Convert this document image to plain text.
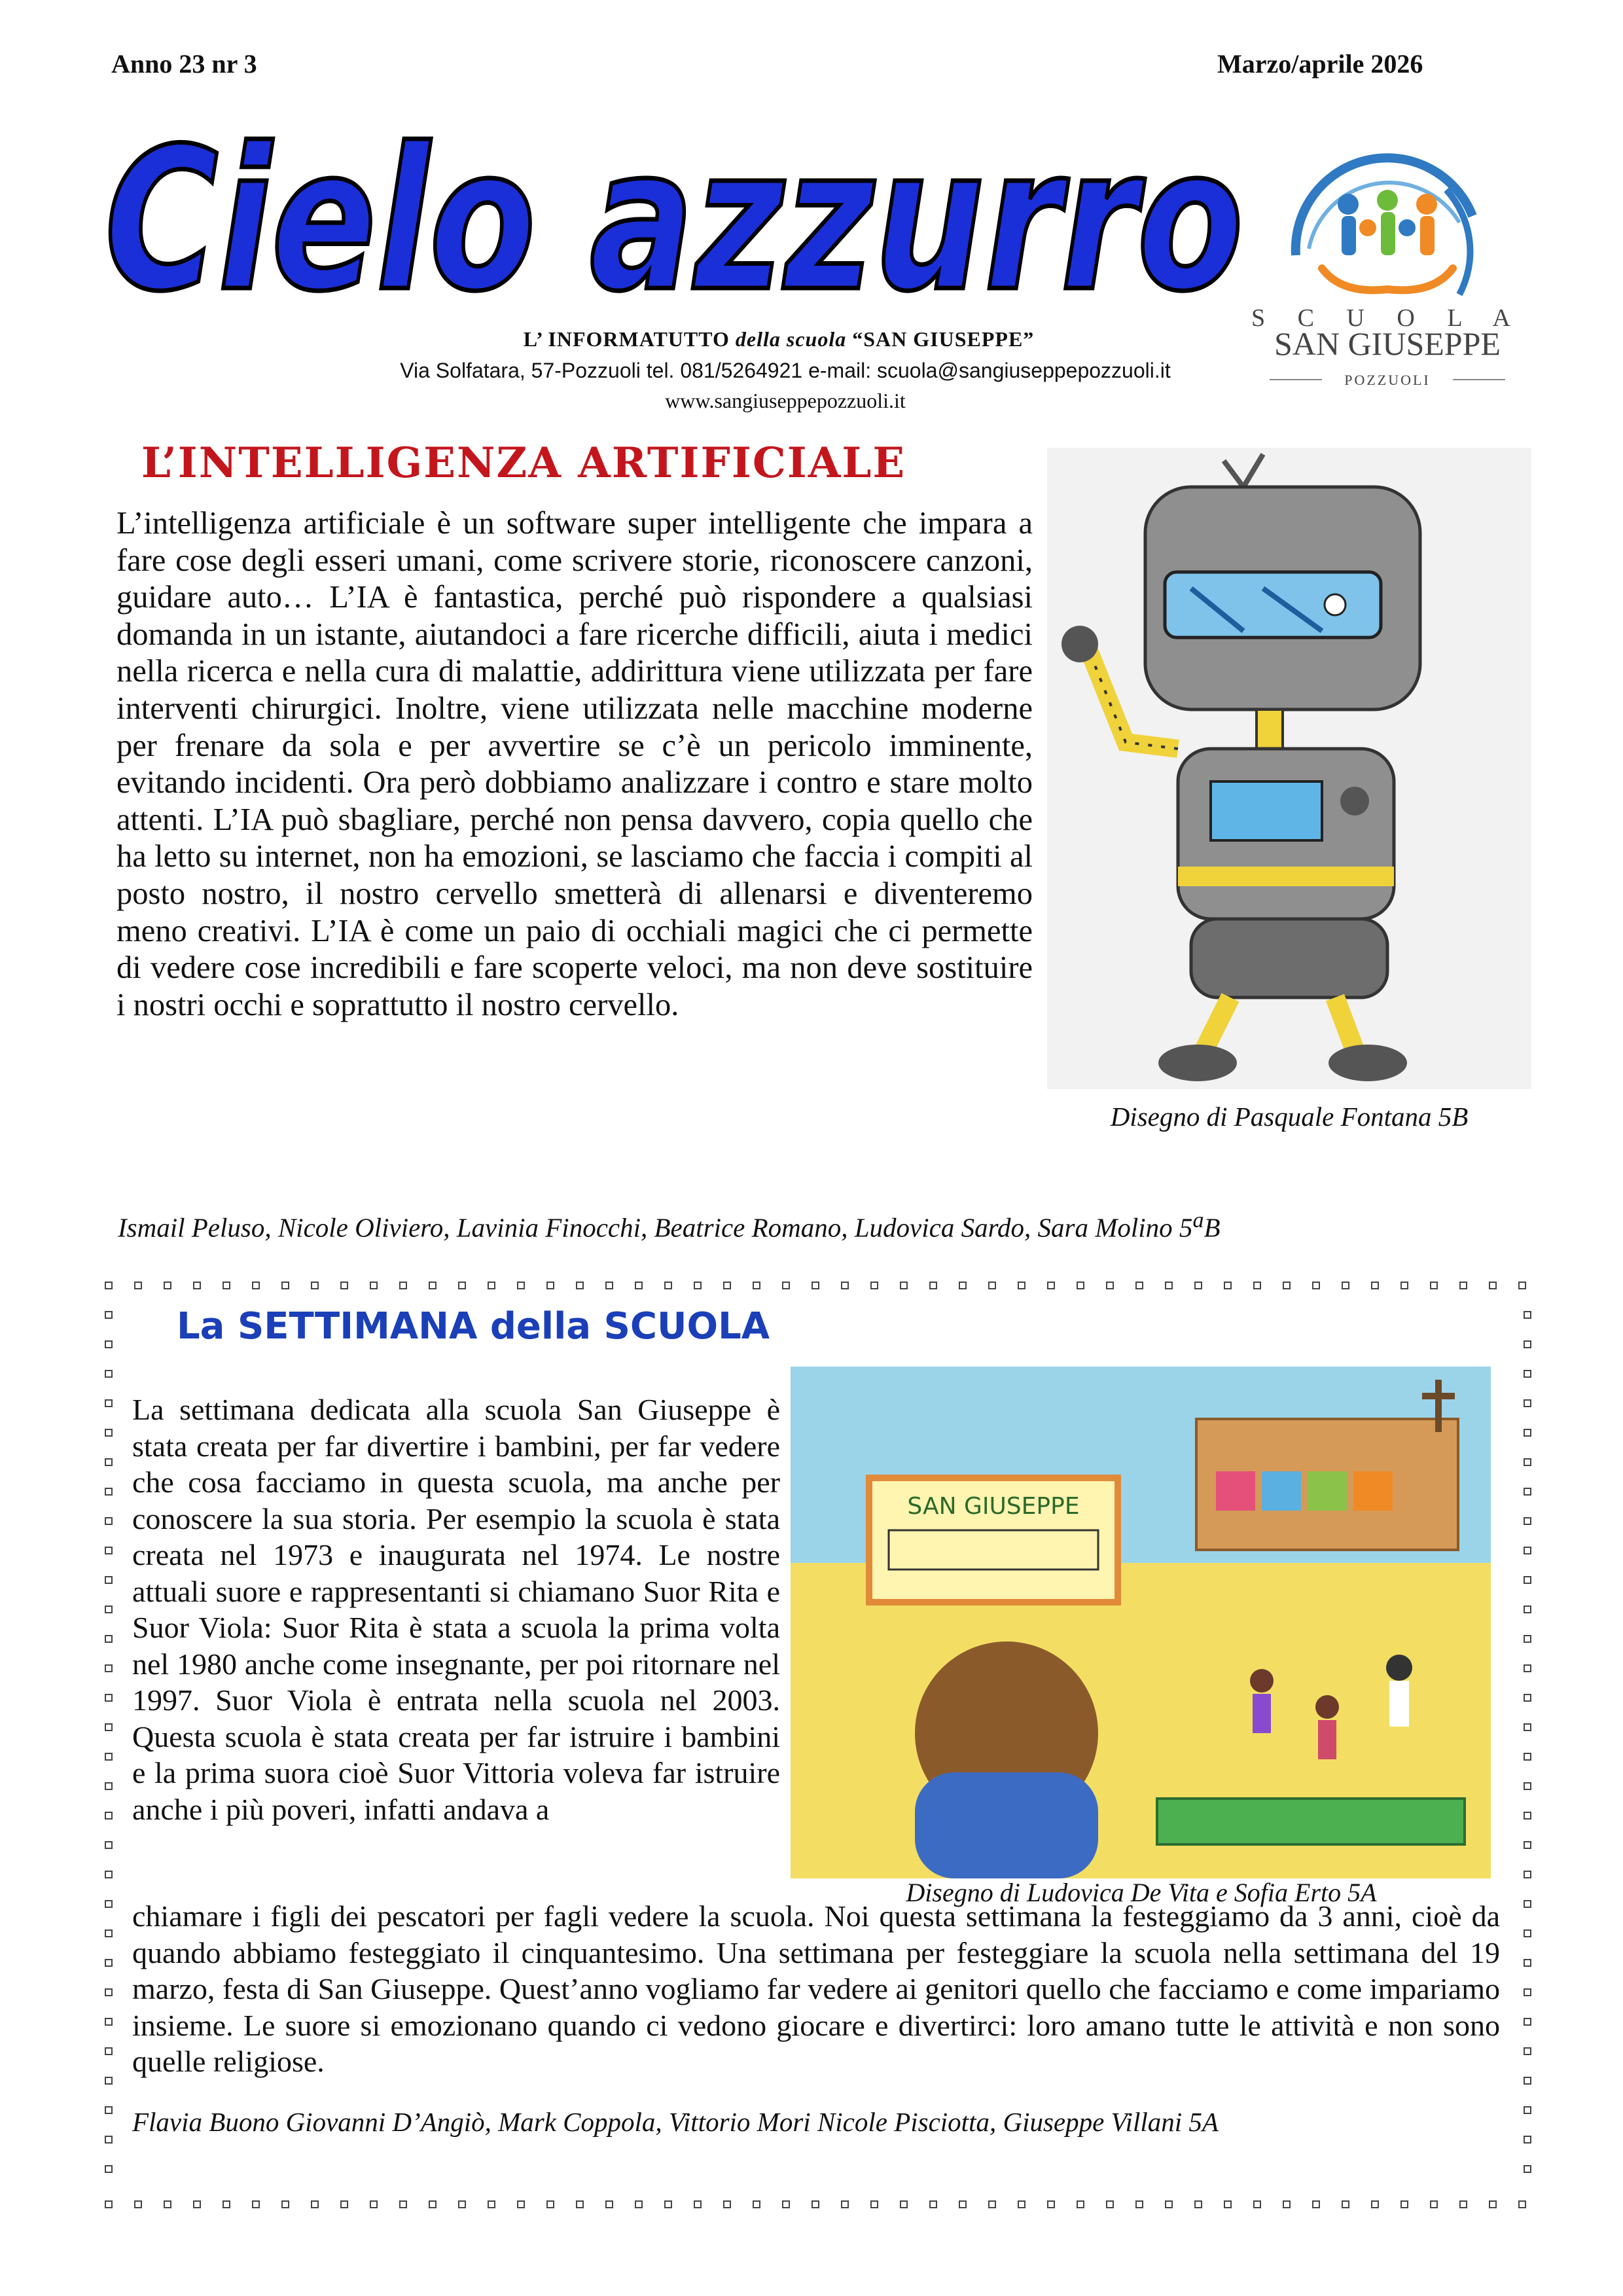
Anno 23 nr 3	Marzo/aprile 2026
Cielo azzurro S C U O L A
SAN GIUSEPPE
POZZUOLI
L’ INFORMATUTTO della scuola “SAN GIUSEPPE”
Via Solfatara, 57-Pozzuoli tel. 081/5264921 e-mail: scuola@sangiuseppepozzuoli.it
www.sangiuseppepozzuoli.it
L’INTELLIGENZA ARTIFICIALE
L’intelligenza artificiale è un software super intelligente che impara a fare cose degli esseri umani, come scrivere storie, riconoscere canzoni, guidare auto… L’IA è fantastica, perché può rispondere a qualsiasi domanda in un istante, aiutandoci a fare ricerche difficili, aiuta i medici nella ricerca e nella cura di malattie, addirittura viene utilizzata per fare interventi chirurgici. Inoltre, viene utilizzata nelle macchine moderne per frenare da sola e per avvertire se c’è un pericolo imminente, evitando incidenti. Ora però dobbiamo analizzare i contro e stare molto attenti. L’IA può sbagliare, perché non pensa davvero, copia quello che ha letto su internet, non ha emozioni, se lasciamo che faccia i compiti al posto nostro, il nostro cervello smetterà di allenarsi e diventeremo meno creativi. L’IA è come un paio di occhiali magici che ci permette di vedere cose incredibili e fare scoperte veloci, ma non deve sostituire i nostri occhi e soprattutto il nostro cervello.
Disegno di Pasquale Fontana 5B
Ismail Peluso, Nicole Oliviero, Lavinia Finocchi, Beatrice Romano, Ludovica Sardo, Sara Molino 5$^a$B
La SETTIMANA della SCUOLA
SAN GIUSEPPE
Disegno di Ludovica De Vita e Sofia Erto 5A
La settimana dedicata alla scuola San Giuseppe è stata creata per far divertire i bambini, per far vedere che cosa facciamo in questa scuola, ma anche per conoscere la sua storia. Per esempio la scuola è stata creata nel 1973 e inaugurata nel 1974. Le nostre attuali suore e rappresentanti si chiamano Suor Rita e Suor Viola: Suor Rita è stata a scuola la prima volta nel 1980 anche come insegnante, per poi ritornare nel 1997. Suor Viola è entrata nella scuola nel 2003. Questa scuola è stata creata per far istruire i bambini e la prima suora cioè Suor Vittoria voleva far istruire anche i più poveri, infatti andava a
chiamare i figli dei pescatori per fagli vedere la scuola. Noi questa settimana la festeggiamo da 3 anni, cioè da quando abbiamo festeggiato il cinquantesimo. Una settimana per festeggiare la scuola nella settimana del 19 marzo, festa di San Giuseppe. Quest’anno vogliamo far vedere ai genitori quello che facciamo e come impariamo insieme. Le suore si emozionano quando ci vedono giocare e divertirci: loro amano tutte le attività e non sono quelle religiose.
Flavia Buono Giovanni D’Angiò, Mark Coppola, Vittorio Mori Nicole Pisciotta, Giuseppe Villani 5A
